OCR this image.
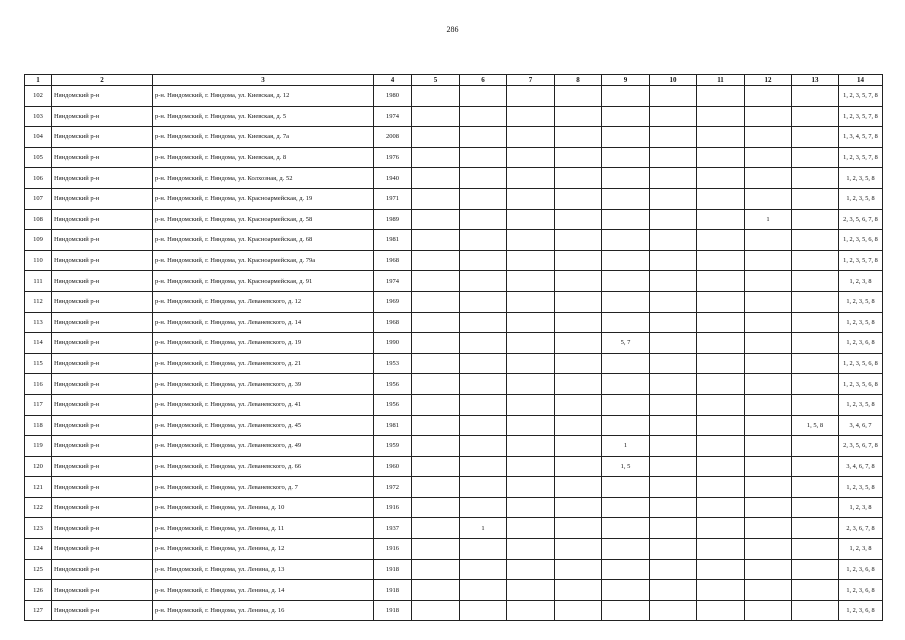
286
1	2	3	4	5	6	7	8	9	10	11	12	13	14
102	Няндомский р-н	р-н. Няндомский, г. Няндома, ул. Киевская, д. 12	1980										1, 2, 3, 5, 7, 8
103	Няндомский р-н	р-н. Няндомский, г. Няндома, ул. Киевская, д. 5	1974										1, 2, 3, 5, 7, 8
104	Няндомский р-н	р-н. Няндомский, г. Няндома, ул. Киевская, д. 7а	2008										1, 3, 4, 5, 7, 8
105	Няндомский р-н	р-н. Няндомский, г. Няндома, ул. Киевская, д. 8	1976										1, 2, 3, 5, 7, 8
106	Няндомский р-н	р-н. Няндомский, г. Няндома, ул. Колхозная, д. 52	1940										1, 2, 3, 5, 8
107	Няндомский р-н	р-н. Няндомский, г. Няндома, ул. Красноармейская, д. 19	1971										1, 2, 3, 5, 8
108	Няндомский р-н	р-н. Няндомский, г. Няндома, ул. Красноармейская, д. 58	1989								1		2, 3, 5, 6, 7, 8
109	Няндомский р-н	р-н. Няндомский, г. Няндома, ул. Красноармейская, д. 68	1981										1, 2, 3, 5, 6, 8
110	Няндомский р-н	р-н. Няндомский, г. Няндома, ул. Красноармейская, д. 79а	1968										1, 2, 3, 5, 7, 8
111	Няндомский р-н	р-н. Няндомский, г. Няндома, ул. Красноармейская, д. 91	1974										1, 2, 3, 8
112	Няндомский р-н	р-н. Няндомский, г. Няндома, ул. Леваневского, д. 12	1969										1, 2, 3, 5, 8
113	Няндомский р-н	р-н. Няндомский, г. Няндома, ул. Леваневского, д. 14	1968										1, 2, 3, 5, 8
114	Няндомский р-н	р-н. Няндомский, г. Няндома, ул. Леваневского, д. 19	1990					5, 7					1, 2, 3, 6, 8
115	Няндомский р-н	р-н. Няндомский, г. Няндома, ул. Леваневского, д. 21	1953										1, 2, 3, 5, 6, 8
116	Няндомский р-н	р-н. Няндомский, г. Няндома, ул. Леваневского, д. 39	1956										1, 2, 3, 5, 6, 8
117	Няндомский р-н	р-н. Няндомский, г. Няндома, ул. Леваневского, д. 41	1956										1, 2, 3, 5, 8
118	Няндомский р-н	р-н. Няндомский, г. Няндома, ул. Леваневского, д. 45	1981									1, 5, 8	3, 4, 6, 7
119	Няндомский р-н	р-н. Няндомский, г. Няндома, ул. Леваневского, д. 49	1959					1					2, 3, 5, 6, 7, 8
120	Няндомский р-н	р-н. Няндомский, г. Няндома, ул. Леваневского, д. 66	1960					1, 5					3, 4, 6, 7, 8
121	Няндомский р-н	р-н. Няндомский, г. Няндома, ул. Леваневского, д. 7	1972										1, 2, 3, 5, 8
122	Няндомский р-н	р-н. Няндомский, г. Няндома, ул. Ленина, д. 10	1916										1, 2, 3, 8
123	Няндомский р-н	р-н. Няндомский, г. Няндома, ул. Ленина, д. 11	1937		1								2, 3, 6, 7, 8
124	Няндомский р-н	р-н. Няндомский, г. Няндома, ул. Ленина, д. 12	1916										1, 2, 3, 8
125	Няндомский р-н	р-н. Няндомский, г. Няндома, ул. Ленина, д. 13	1918										1, 2, 3, 6, 8
126	Няндомский р-н	р-н. Няндомский, г. Няндома, ул. Ленина, д. 14	1918										1, 2, 3, 6, 8
127	Няндомский р-н	р-н. Няндомский, г. Няндома, ул. Ленина, д. 16	1918										1, 2, 3, 6, 8
